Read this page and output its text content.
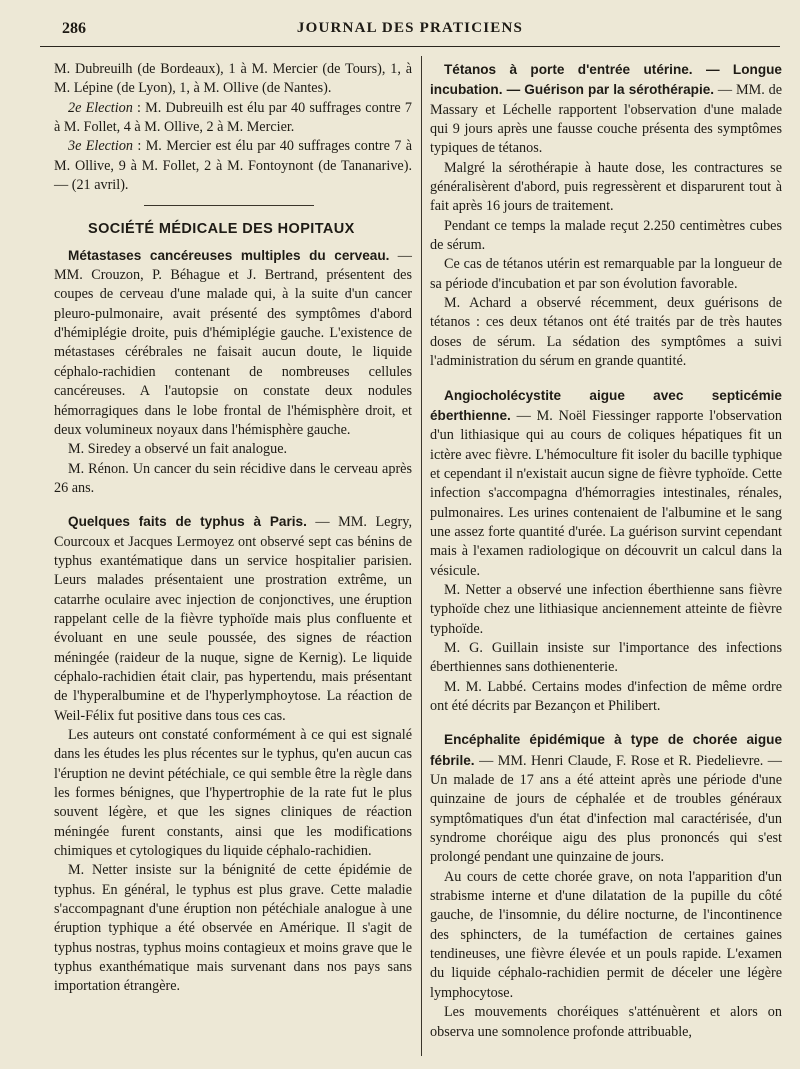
286	JOURNAL DES PRATICIENS

M. Dubreuilh (de Bordeaux), 1 à M. Mercier (de Tours), 1, à M. Lépine (de Lyon), 1, à M. Ollive (de Nantes).

2e Election : M. Dubreuilh est élu par 40 suffrages contre 7 à M. Follet, 4 à M. Ollive, 2 à M. Mercier.

3e Election : M. Mercier est élu par 40 suffrages contre 7 à M. Ollive, 9 à M. Follet, 2 à M. Fontoynont (de Tananarive). — (21 avril).

SOCIÉTÉ MÉDICALE DES HOPITAUX

Métastases cancéreuses multiples du cerveau. — MM. Crouzon, P. Béhague et J. Bertrand, présentent des coupes de cerveau d'une malade qui, à la suite d'un cancer pleuro-pulmonaire, avait présenté des symptômes d'abord d'hémiplégie droite, puis d'hémiplégie gauche. L'existence de métastases cérébrales ne faisait aucun doute, le liquide céphalo-rachidien contenant de nombreuses cellules cancéreuses. A l'autopsie on constate deux nodules hémorragiques dans le lobe frontal de l'hémisphère droit, et deux volumineux noyaux dans l'hémisphère gauche.

M. Siredey a observé un fait analogue.

M. Rénon. Un cancer du sein récidive dans le cerveau après 26 ans.

Quelques faits de typhus à Paris. — MM. Legry, Courcoux et Jacques Lermoyez ont observé sept cas bénins de typhus exantématique dans un service hospitalier parisien. Leurs malades présentaient une prostration extrême, un catarrhe oculaire avec injection de conjonctives, une éruption rappelant celle de la fièvre typhoïde mais plus confluente et évoluant en une seule poussée, des signes de réaction méningée (raideur de la nuque, signe de Kernig). Le liquide céphalo-rachidien était clair, pas hypertendu, mais présentant de l'hyperalbumine et de l'hyperlymphoytose. La réaction de Weil-Félix fut positive dans tous ces cas.

Les auteurs ont constaté conformément à ce qui est signalé dans les études les plus récentes sur le typhus, qu'en aucun cas l'éruption ne devint pétéchiale, ce qui semble être la règle dans les formes bénignes, que l'hypertrophie de la rate fut le plus souvent légère, et que les signes cliniques de réaction méningée furent constants, ainsi que les modifications chimiques et cytologiques du liquide céphalo-rachidien.

M. Netter insiste sur la bénignité de cette épidémie de typhus. En général, le typhus est plus grave. Cette maladie s'accompagnant d'une éruption non pétéchiale analogue à une éruption typhique a été observée en Amérique. Il s'agit de typhus nostras, typhus moins contagieux et moins grave que le typhus exanthématique mais survenant dans nos pays sans importation étrangère.

Tétanos à porte d'entrée utérine. — Longue incubation. — Guérison par la sérothérapie. — MM. de Massary et Léchelle rapportent l'observation d'une malade qui 9 jours après une fausse couche présenta des symptômes typiques de tétanos.

Malgré la sérothérapie à haute dose, les contractures se généralisèrent d'abord, puis regressèrent et disparurent tout à fait après 16 jours de traitement.

Pendant ce temps la malade reçut 2.250 centimètres cubes de sérum.

Ce cas de tétanos utérin est remarquable par la longueur de sa période d'incubation et par son évolution favorable.

M. Achard a observé récemment, deux guérisons de tétanos : ces deux tétanos ont été traités par de très hautes doses de sérum. La sédation des symptômes a suivi l'administration du sérum en grande quantité.

Angiocholécystite aigue avec septicémie éberthienne. — M. Noël Fiessinger rapporte l'observation d'un lithiasique qui au cours de coliques hépatiques fit un ictère avec fièvre. L'hémoculture fit isoler du bacille typhique et cependant il n'existait aucun signe de fièvre typhoïde. Cette infection s'accompagna d'hémorragies intestinales, rénales, pulmonaires. Les urines contenaient de l'albumine et le sang une assez forte quantité d'urée. La guérison survint cependant mais à l'examen radiologique on découvrit un calcul dans la vésicule.

M. Netter a observé une infection éberthienne sans fièvre typhoïde chez une lithiasique anciennement atteinte de fièvre typhoïde.

M. G. Guillain insiste sur l'importance des infections éberthiennes sans dothienenterie.

M. M. Labbé. Certains modes d'infection de même ordre ont été décrits par Bezançon et Philibert.

Encéphalite épidémique à type de chorée aigue fébrile. — MM. Henri Claude, F. Rose et R. Piedelievre. — Un malade de 17 ans a été atteint après une période d'une quinzaine de jours de céphalée et de troubles généraux symptômatiques d'un état d'infection mal caractérisée, d'un syndrome choréique aigu des plus prononcés qui s'est prolongé pendant une quinzaine de jours.

Au cours de cette chorée grave, on nota l'apparition d'un strabisme interne et d'une dilatation de la pupille du côté gauche, de l'insomnie, du délire nocturne, de l'incontinence des sphincters, de la tuméfaction de certaines gaines tendineuses, une fièvre élevée et un pouls rapide. L'examen du liquide céphalo-rachidien permit de déceler une légère lymphocytose.

Les mouvements choréiques s'atténuèrent et alors on observa une somnolence profonde attribuable,
